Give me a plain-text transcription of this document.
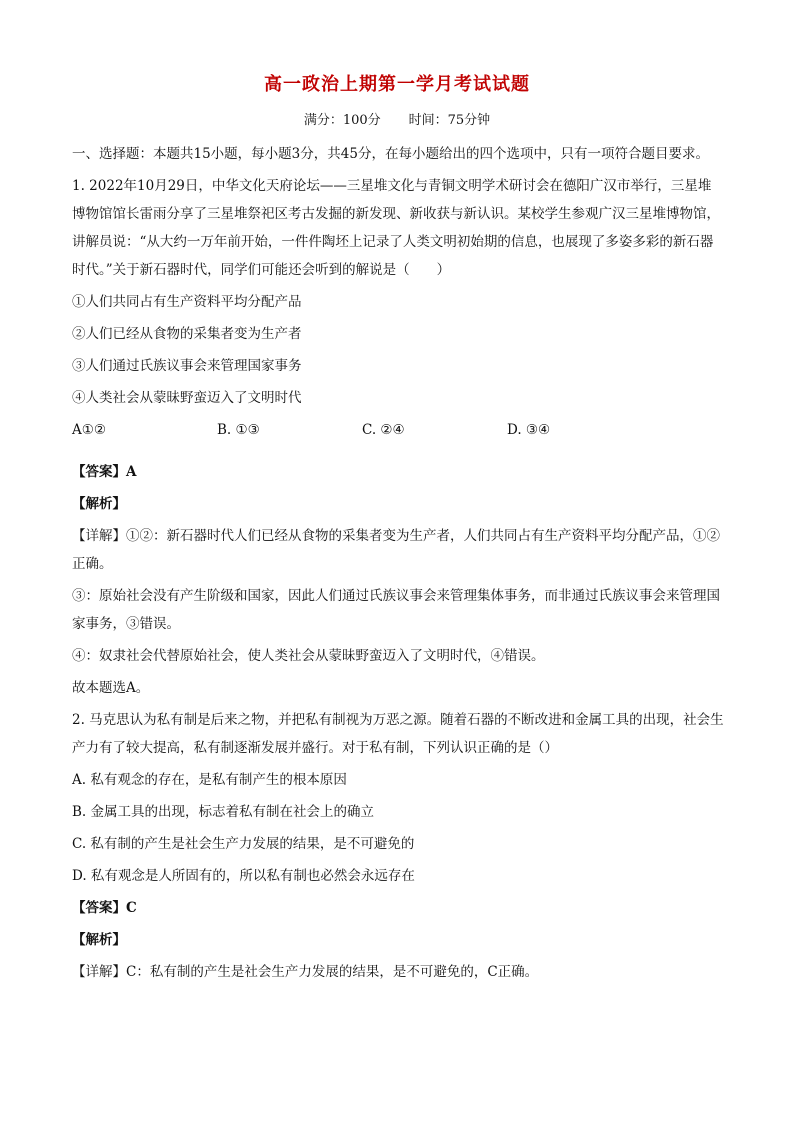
高一政治上期第一学月考试试题
满分：100分 时间：75分钟

一、选择题：本题共15小题，每小题3分，共45分，在每小题给出的四个选项中，只有一项符合题目要求。

1. 2022年10月29日，中华文化天府论坛——三星堆文化与青铜文明学术研讨会在德阳广汉市举行，三星堆博物馆馆长雷雨分享了三星堆祭祀区考古发掘的新发现、新收获与新认识。某校学生参观广汉三星堆博物馆，讲解员说：“从大约一万年前开始，一件件陶坯上记录了人类文明初始期的信息，也展现了多姿多彩的新石器时代。”关于新石器时代，同学们可能还会听到的解说是（　　）

①人们共同占有生产资料平均分配产品

②人们已经从食物的采集者变为生产者

③人们通过氏族议事会来管理国家事务

④人类社会从蒙昧野蛮迈入了文明时代

A①②	B. ①③	C. ②④	D. ③④

【答案】A

【解析】

【详解】①②：新石器时代人们已经从食物的采集者变为生产者，人们共同占有生产资料平均分配产品，①②正确。

③：原始社会没有产生阶级和国家，因此人们通过氏族议事会来管理集体事务，而非通过氏族议事会来管理国家事务，③错误。

④：奴隶社会代替原始社会，使人类社会从蒙昧野蛮迈入了文明时代，④错误。

故本题选A。

2. 马克思认为私有制是后来之物，并把私有制视为万恶之源。随着石器的不断改进和金属工具的出现，社会生产力有了较大提高，私有制逐渐发展并盛行。对于私有制，下列认识正确的是（）

A. 私有观念的存在，是私有制产生的根本原因

B. 金属工具的出现，标志着私有制在社会上的确立

C. 私有制的产生是社会生产力发展的结果，是不可避免的

D. 私有观念是人所固有的，所以私有制也必然会永远存在

【答案】C

【解析】

【详解】C：私有制的产生是社会生产力发展的结果，是不可避免的，C正确。
